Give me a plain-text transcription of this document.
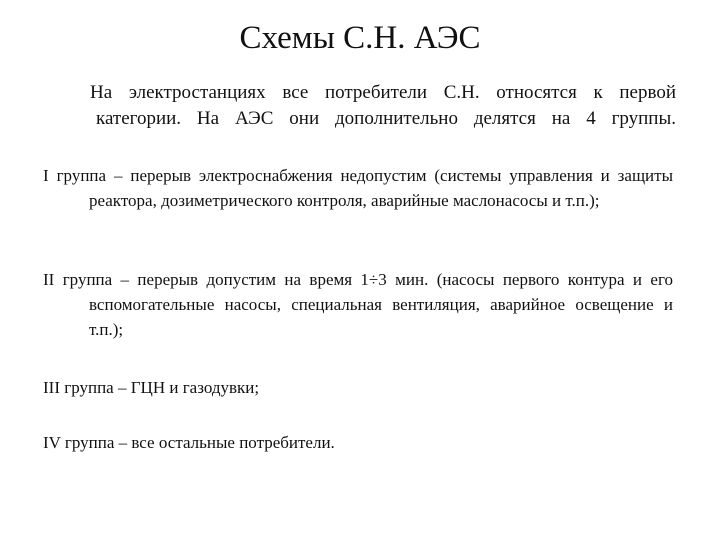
Схемы С.Н. АЭС
На электростанциях все потребители С.Н. относятся к первой
категории. На АЭС они дополнительно делятся на 4 группы.
I группа – перерыв электроснабжения недопустим (системы управления и защиты реактора, дозиметрического контроля, аварийные маслонасосы и т.п.);
II группа – перерыв допустим на время 1÷3 мин. (насосы первого контура и его вспомогательные насосы, специальная вентиляция, аварийное освещение и т.п.);
III группа – ГЦН и газодувки;
IV группа – все остальные потребители.
